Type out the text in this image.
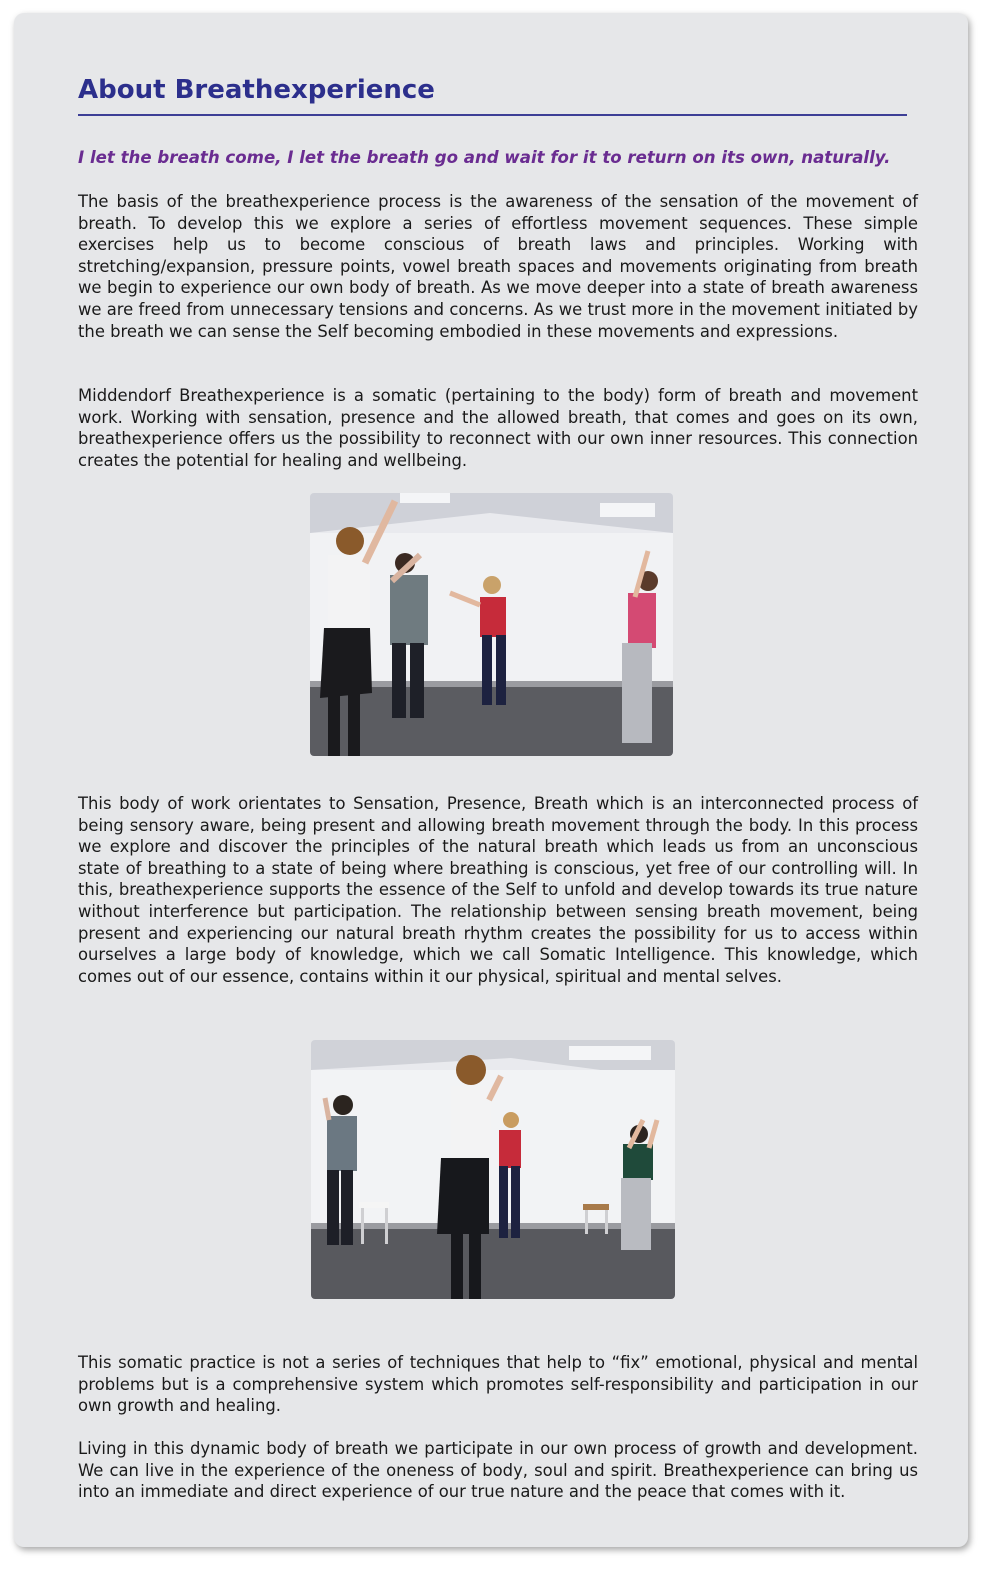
About Breathexperience

I let the breath come, I let the breath go and wait for it to return on its own, naturally.

The basis of the breathexperience process is the awareness of the sensation of the movement of breath. To develop this we explore a series of effortless movement sequences. These simple exercises help us to become conscious of breath laws and principles. Working with stretching/expansion, pressure points, vowel breath spaces and movements originating from breath we begin to experience our own body of breath. As we move deeper into a state of breath awareness we are freed from unnecessary tensions and concerns. As we trust more in the movement initiated by the breath we can sense the Self becoming embodied in these movements and expressions.

Middendorf Breathexperience is a somatic (pertaining to the body) form of breath and movement work. Working with sensation, presence and the allowed breath, that comes and goes on its own, breathexperience offers us the possibility to reconnect with our own inner resources. This connection creates the potential for healing and wellbeing.

This body of work orientates to Sensation, Presence, Breath which is an interconnected process of being sensory aware, being present and allowing breath movement through the body. In this process we explore and discover the principles of the natural breath which leads us from an unconscious state of breathing to a state of being where breathing is conscious, yet free of our controlling will. In this, breathexperience supports the essence of the Self to unfold and develop towards its true nature without interference but participation. The relationship between sensing breath movement, being present and experiencing our natural breath rhythm creates the possibility for us to access within ourselves a large body of knowledge, which we call Somatic Intelligence. This knowledge, which comes out of our essence, contains within it our physical, spiritual and mental selves.

This somatic practice is not a series of techniques that help to “fix” emotional, physical and mental problems but is a comprehensive system which promotes self-responsibility and participation in our own growth and healing.

Living in this dynamic body of breath we participate in our own process of growth and development. We can live in the experience of the oneness of body, soul and spirit. Breathexperience can bring us into an immediate and direct experience of our true nature and the peace that comes with it.
